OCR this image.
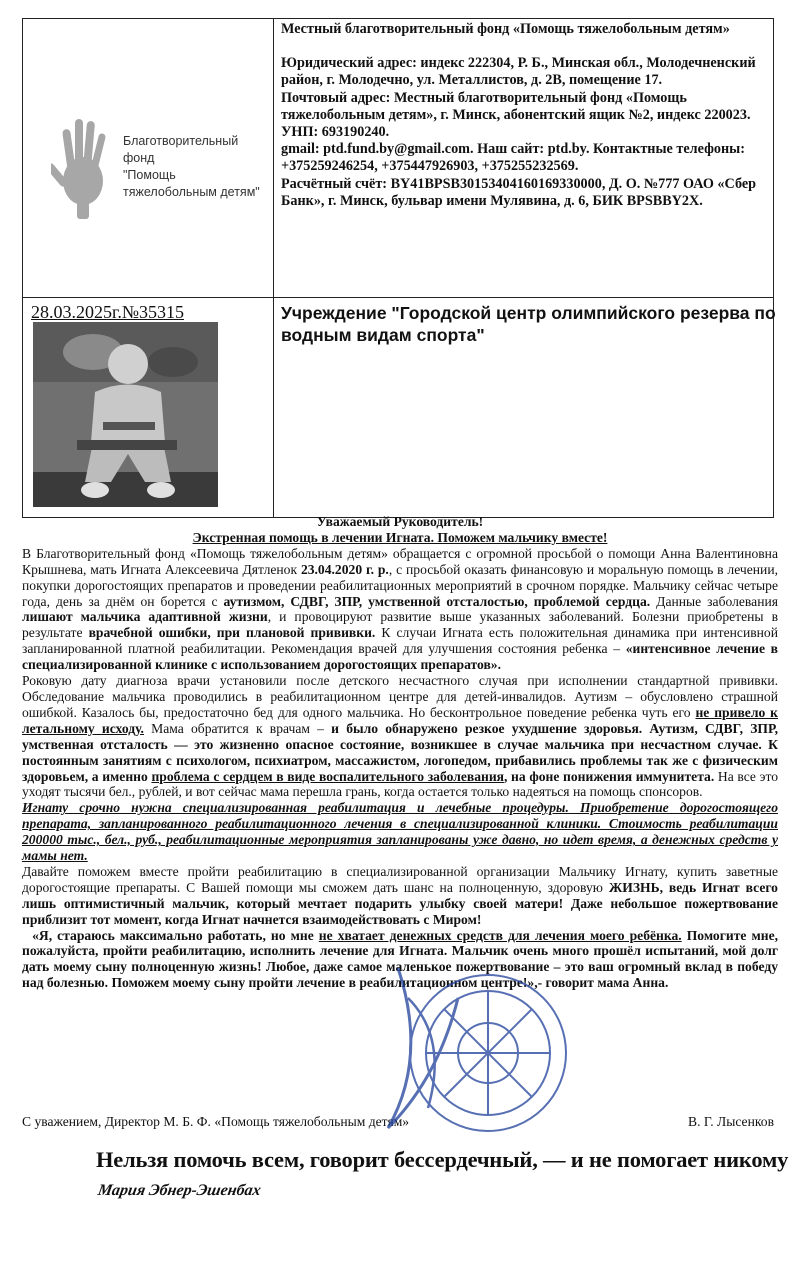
Благотворительный фонд
"Помощь
тяжелобольным детям"

Местный благотворительный фонд «Помощь тяжелобольным детям»

Юридический адрес: индекс 222304, Р. Б., Минская обл., Молодечненский район, г. Молодечно, ул. Металлистов, д. 2В, помещение 17.

Почтовый адрес: Местный благотворительный фонд «Помощь тяжелобольным детям», г. Минск, абонентский ящик №2, индекс 220023.

УНП: 693190240.

gmail: ptd.fund.by@gmail.com. Наш сайт: ptd.by. Контактные телефоны: +375259246254, +375447926903, +375255232569.

Расчётный счёт: BY41BPSB30153404160169330000, Д. О. №777 ОАО «Сбер Банк», г. Минск, бульвар имени Мулявина, д. 6, БИК BPSBBY2X.

28.03.2025г.№35315	Учреждение "Городской центр олимпийского резерва по водным видам спорта"

Уважаемый Руководитель!

Экстренная помощь в лечении Игната. Поможем мальчику вместе!

В Благотворительный фонд «Помощь тяжелобольным детям» обращается с огромной просьбой о помощи Анна Валентиновна Крышнева, мать Игната Алексеевича Дятленок 23.04.2020 г. р., с просьбой оказать финансовую и моральную помощь в лечении, покупки дорогостоящих препаратов и проведении реабилитационных мероприятий в срочном порядке. Мальчику сейчас четыре года, день за днём он борется с аутизмом, СДВГ, ЗПР, умственной отсталостью, проблемой сердца. Данные заболевания лишают мальчика адаптивной жизни, и провоцируют развитие выше указанных заболеваний. Болезни приобретены в результате врачебной ошибки, при плановой прививки. К случаи Игната есть положительная динамика при интенсивной запланированной платной реабилитации. Рекомендация врачей для улучшения состояния ребенка – «интенсивное лечение в специализированной клинике с использованием дорогостоящих препаратов».

Роковую дату диагноза врачи установили после детского несчастного случая при исполнении стандартной прививки. Обследование мальчика проводились в реабилитационном центре для детей-инвалидов. Аутизм – обусловлено страшной ошибкой. Казалось бы, предостаточно бед для одного мальчика. Но бесконтрольное поведение ребенка чуть его не привело к летальному исходу. Мама обратится к врачам – и было обнаружено резкое ухудшение здоровья. Аутизм, СДВГ, ЗПР, умственная отсталость — это жизненно опасное состояние, возникшее в случае мальчика при несчастном случае. К постоянным занятиям с психологом, психиатром, массажистом, логопедом, прибавились проблемы так же с физическим здоровьем, а именно проблема с сердцем в виде воспалительного заболевания, на фоне понижения иммунитета. На все это уходят тысячи бел., рублей, и вот сейчас мама перешла грань, когда остается только надеяться на помощь спонсоров.

Игнату срочно нужна специализированная реабилитация и лечебные процедуры. Приобретение дорогостоящего препарата, запланированного реабилитационного лечения в специализированной клиники. Стоимость реабилитации 200000 тыс., бел., руб., реабилитационные мероприятия запланированы уже давно, но идет время, а денежных средств у мамы нет.

Давайте поможем вместе пройти реабилитацию в специализированной организации Мальчику Игнату, купить заветные дорогостоящие препараты. С Вашей помощи мы сможем дать шанс на полноценную, здоровую ЖИЗНЬ, ведь Игнат всего лишь оптимистичный мальчик, который мечтает подарить улыбку своей матери! Даже небольшое пожертвование приблизит тот момент, когда Игнат начнется взаимодействовать с Миром!

«Я, стараюсь максимально работать, но мне не хватает денежных средств для лечения моего ребёнка. Помогите мне, пожалуйста, пройти реабилитацию, исполнить лечение для Игната. Мальчик очень много прошёл испытаний, мой долг дать моему сыну полноценную жизнь! Любое, даже самое маленькое пожертвование – это ваш огромный вклад в победу над болезнью. Поможем моему сыну пройти лечение в реабилитационном центре!»,- говорит мама Анна.

С уважением, Директор М. Б. Ф. «Помощь тяжелобольным детям»	В. Г. Лысенков
Нельзя помочь всем, говорит бессердечный, — и не помогает никому
Мария Эбнер-Эшенбах
